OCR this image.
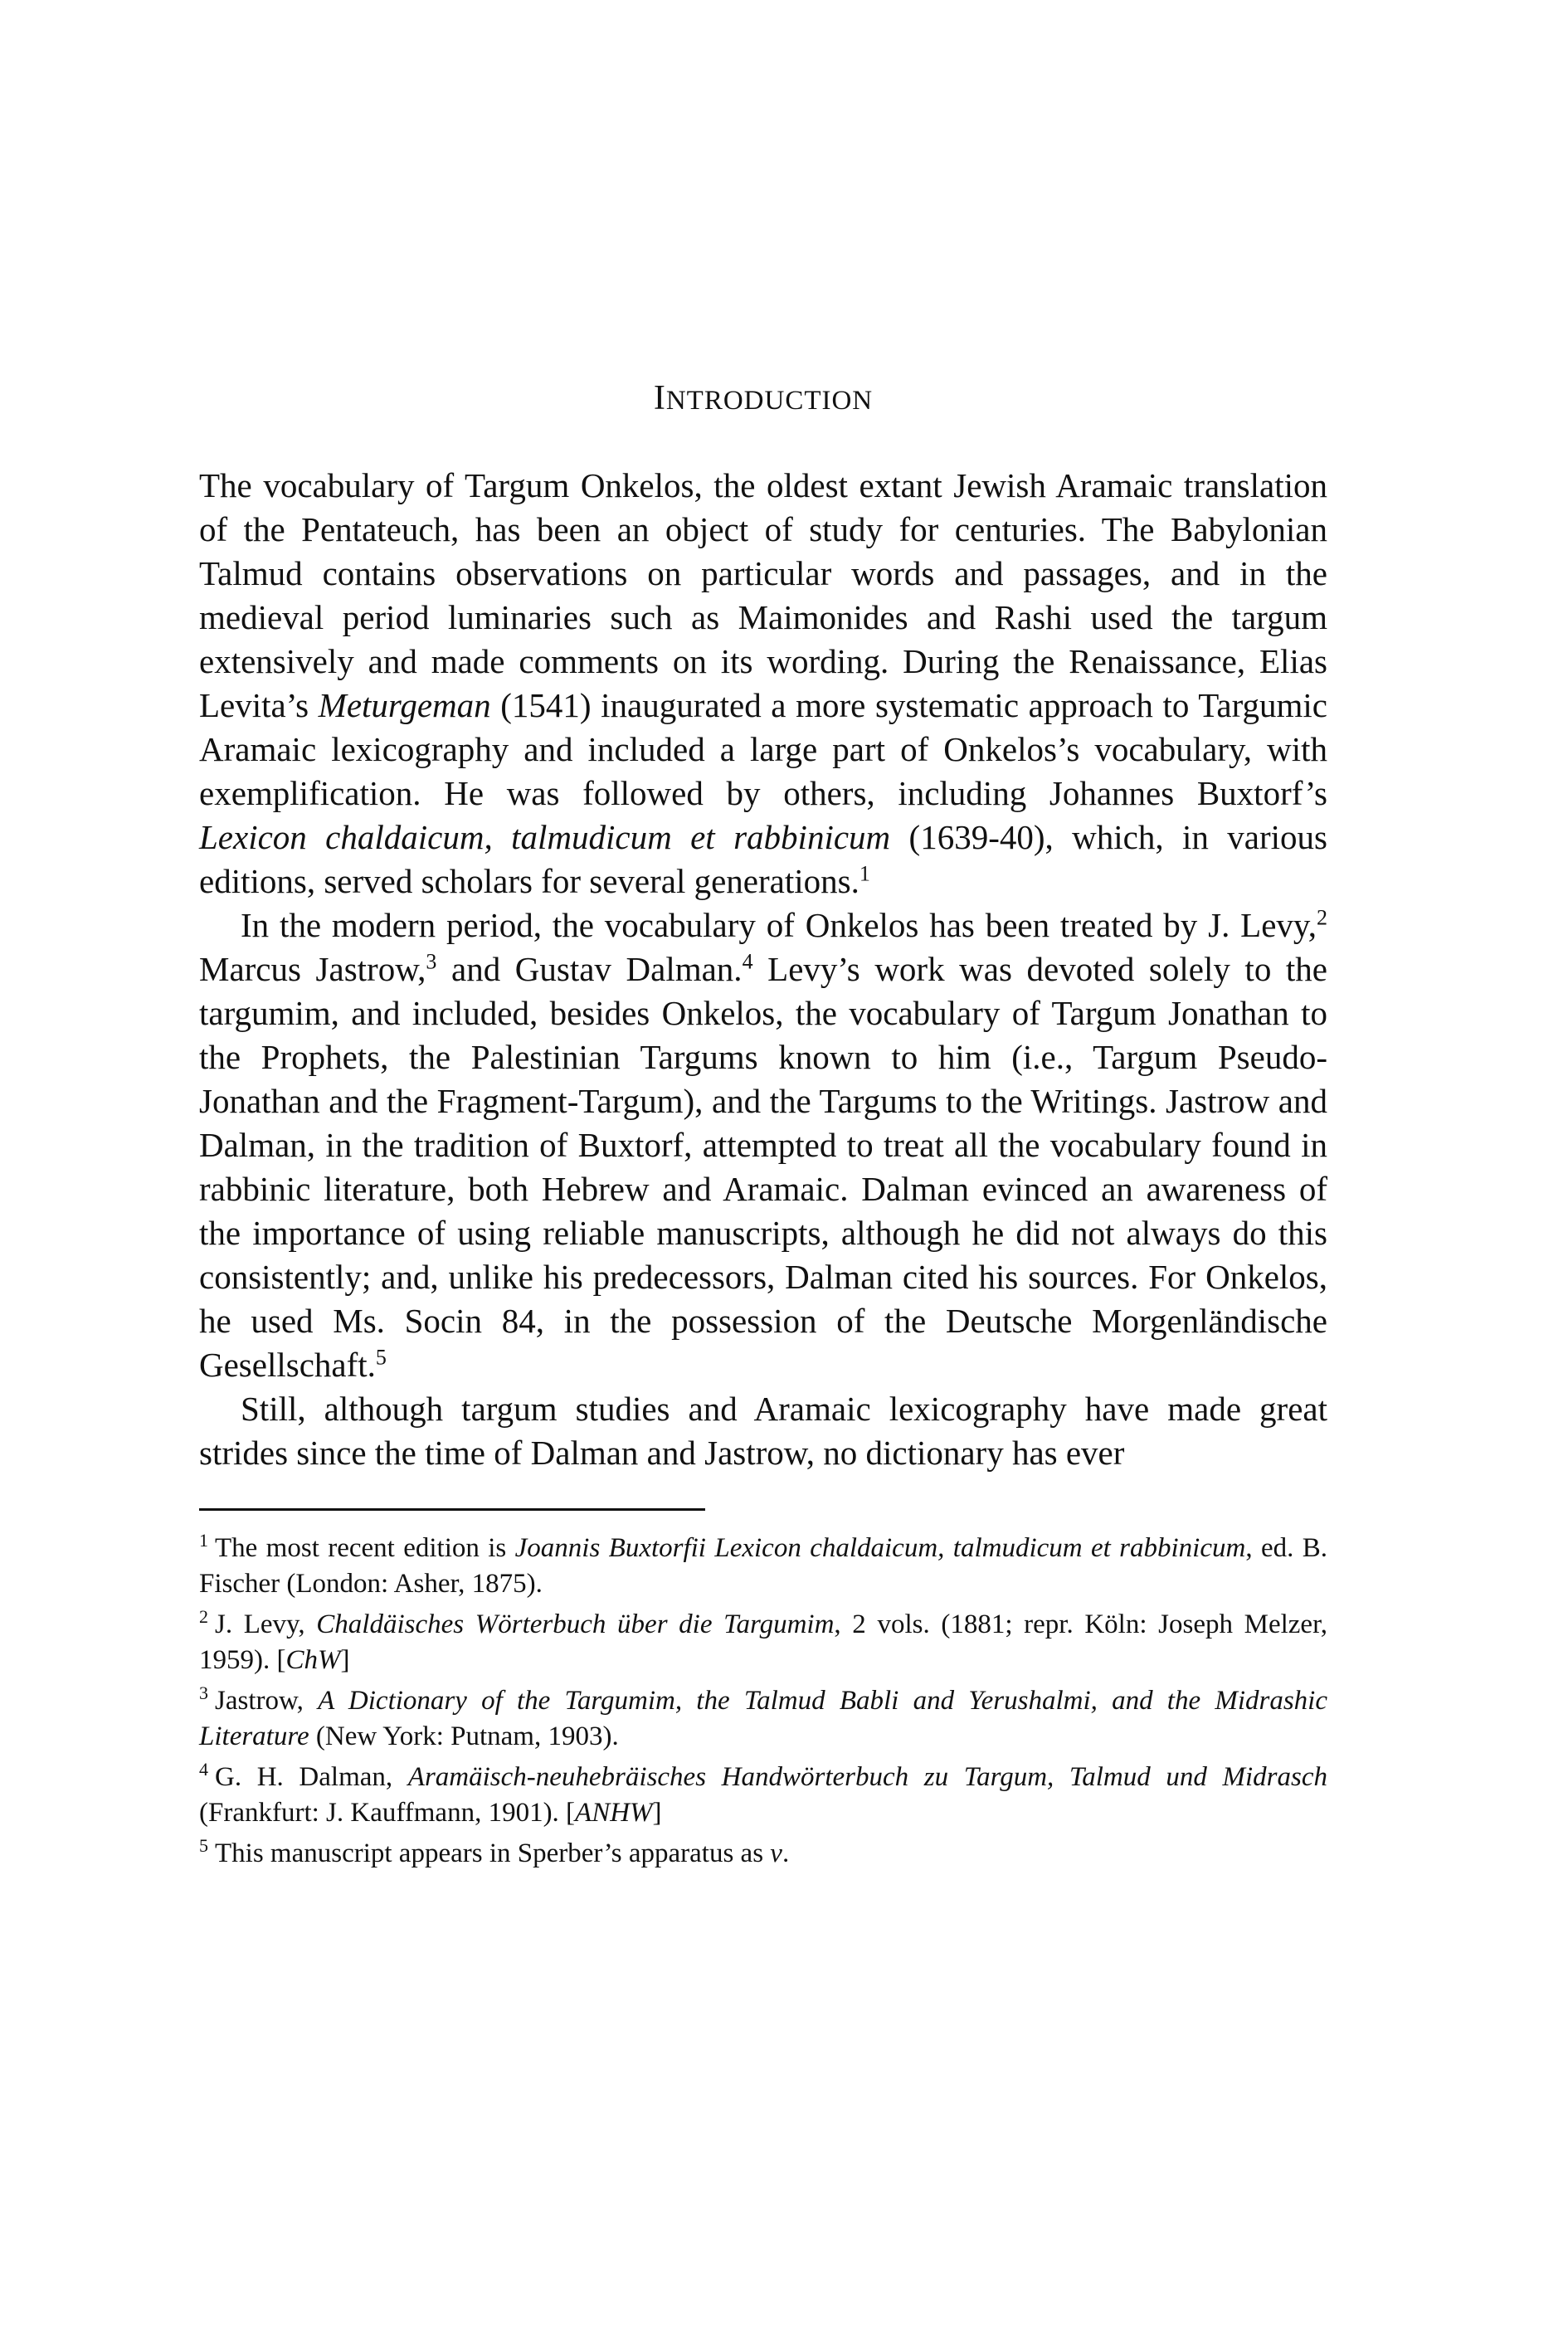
INTRODUCTION

The vocabulary of Targum Onkelos, the oldest extant Jewish Aramaic translation of the Pentateuch, has been an object of study for centuries. The Babylonian Talmud contains observations on particular words and passages, and in the medieval period luminaries such as Maimonides and Rashi used the targum extensively and made comments on its wording. During the Renaissance, Elias Levita’s Meturgeman (1541) inaugurated a more systematic approach to Targumic Aramaic lexicography and included a large part of Onkelos’s vocabulary, with exemplification. He was followed by others, including Johannes Buxtorf’s Lexicon chaldaicum, talmudicum et rabbinicum (1639-40), which, in various editions, served scholars for several generations.$^1$

In the modern period, the vocabulary of Onkelos has been treated by J. Levy,$^2$ Marcus Jastrow,$^3$ and Gustav Dalman.$^4$ Levy’s work was devoted solely to the targumim, and included, besides Onkelos, the vocabulary of Targum Jonathan to the Prophets, the Palestinian Targums known to him (i.e., Targum Pseudo-Jonathan and the Fragment-Targum), and the Targums to the Writings. Jastrow and Dalman, in the tradition of Buxtorf, attempted to treat all the vocabulary found in rabbinic literature, both Hebrew and Aramaic. Dalman evinced an awareness of the importance of using reliable manuscripts, although he did not always do this consistently; and, unlike his predecessors, Dalman cited his sources. For Onkelos, he used Ms. Socin 84, in the possession of the Deutsche Morgenländische Gesellschaft.$^5$

Still, although targum studies and Aramaic lexicography have made great strides since the time of Dalman and Jastrow, no dictionary has ever

$^1$ The most recent edition is Joannis Buxtorfii Lexicon chaldaicum, talmudicum et rabbinicum, ed. B. Fischer (London: Asher, 1875).

$^2$ J. Levy, Chaldäisches Wörterbuch über die Targumim, 2 vols. (1881; repr. Köln: Joseph Melzer, 1959). [ChW]

$^3$ Jastrow, A Dictionary of the Targumim, the Talmud Babli and Yerushalmi, and the Midrashic Literature (New York: Putnam, 1903).

$^4$ G. H. Dalman, Aramäisch-neuhebräisches Handwörterbuch zu Targum, Talmud und Midrasch (Frankfurt: J. Kauffmann, 1901). [ANHW]

$^5$ This manuscript appears in Sperber’s apparatus as v.
